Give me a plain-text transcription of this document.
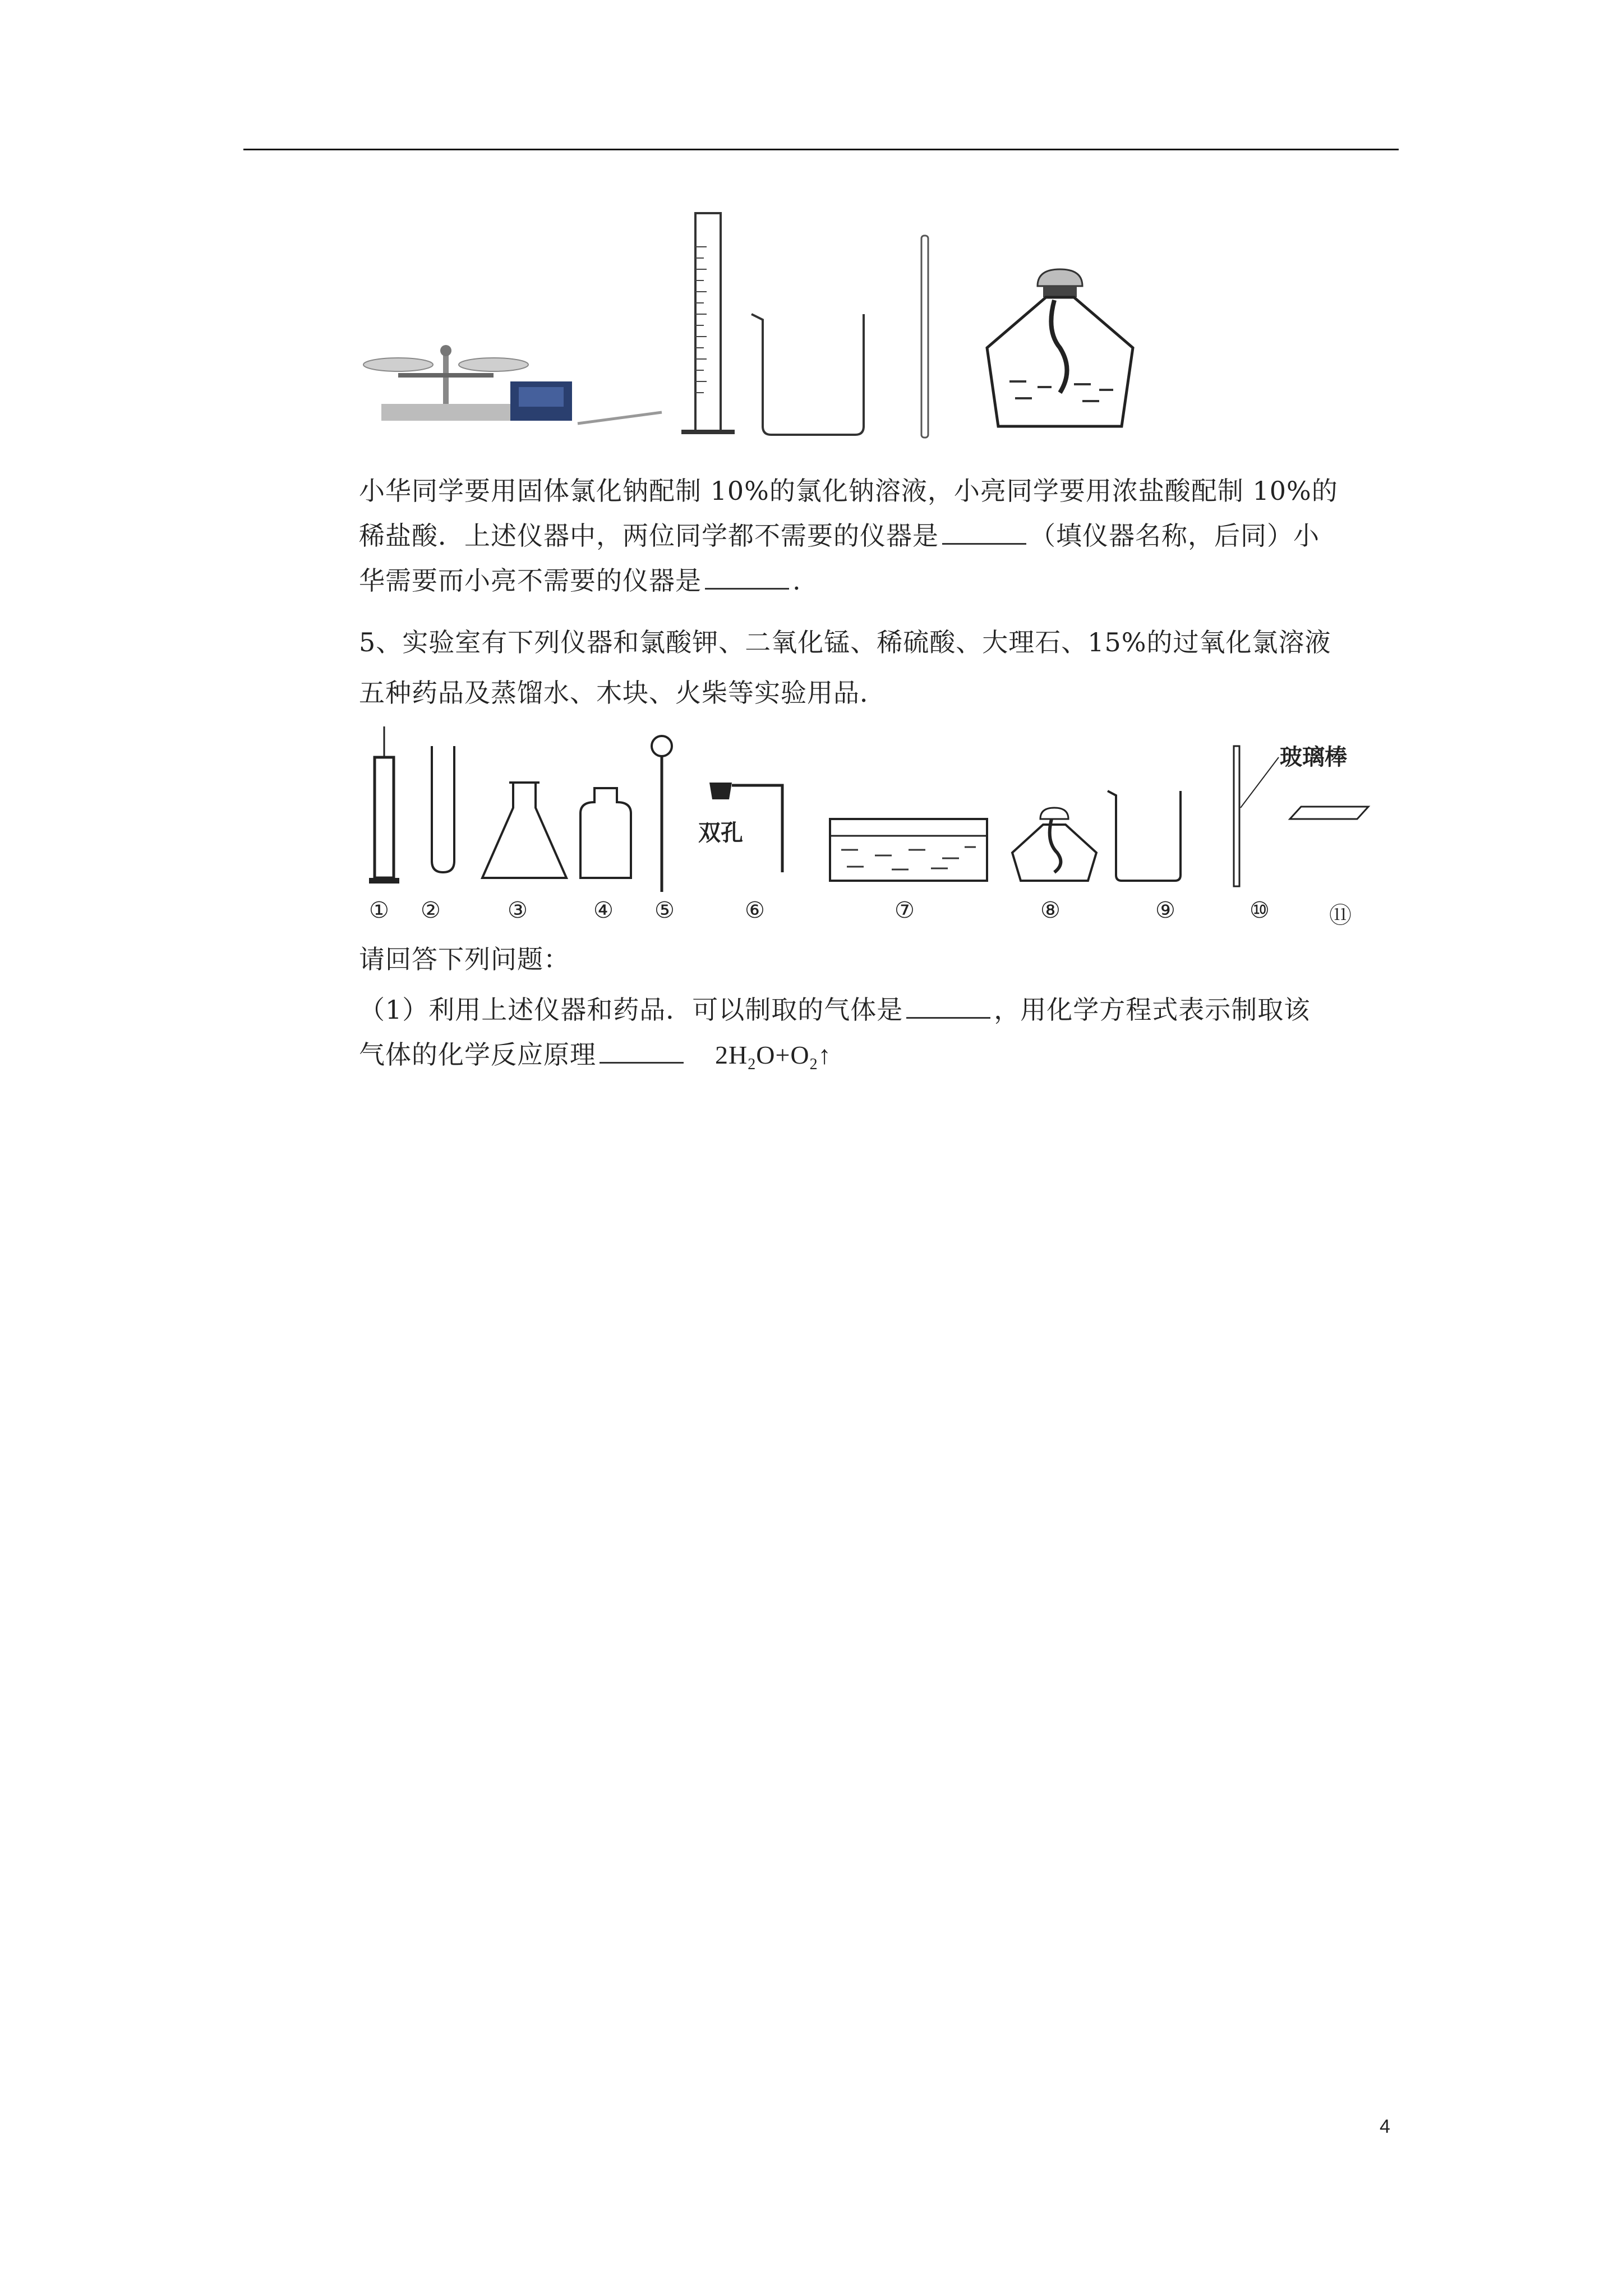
小华同学要用固体氯化钠配制 10%的氯化钠溶液，小亮同学要用浓盐酸配制 10%的
稀盐酸．上述仪器中，两位同学都不需要的仪器是	（填仪器名称，后同）小
华需要而小亮不需要的仪器是	.
5、实验室有下列仪器和氯酸钾、二氧化锰、稀硫酸、大理石、15%的过氧化氯溶液
五种药品及蒸馏水、木块、火柴等实验用品．
玻璃棒
双孔
① ②	③	④ ⑤	⑥	⑦	⑧	⑨	⑩	⑪
请回答下列问题：
（1）利用上述仪器和药品．可以制取的气体是	，用化学方程式表示制取该
气体的化学反应原理	$2H_2O+O_2↑$
4
